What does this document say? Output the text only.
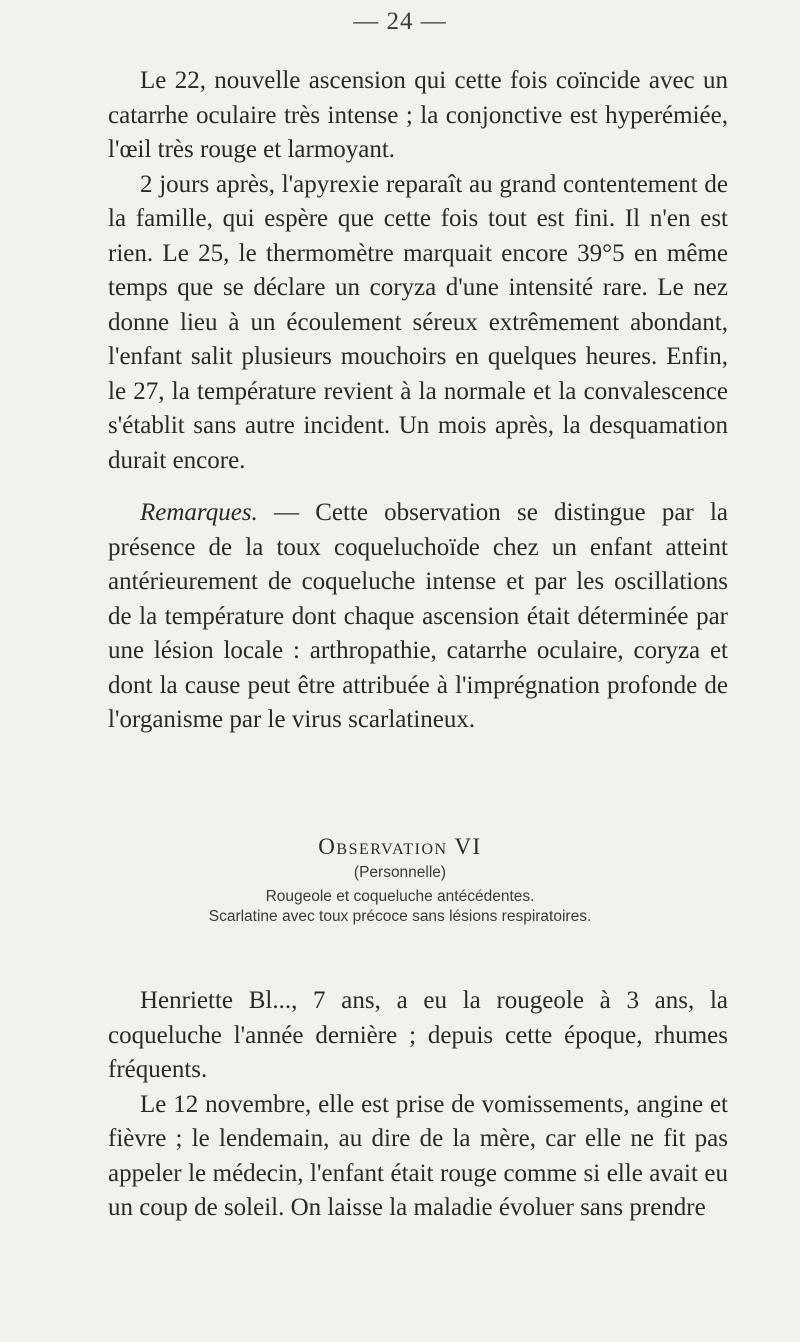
— 24 —

Le 22, nouvelle ascension qui cette fois coïncide avec un catarrhe oculaire très intense ; la conjonctive est hyperémiée, l'œil très rouge et larmoyant.

2 jours après, l'apyrexie reparaît au grand contentement de la famille, qui espère que cette fois tout est fini. Il n'en est rien. Le 25, le thermomètre marquait encore 39°5 en même temps que se déclare un coryza d'une intensité rare. Le nez donne lieu à un écoulement séreux extrêmement abondant, l'enfant salit plusieurs mouchoirs en quelques heures. Enfin, le 27, la température revient à la normale et la convalescence s'établit sans autre incident. Un mois après, la desquamation durait encore.

Remarques. — Cette observation se distingue par la présence de la toux coqueluchoïde chez un enfant atteint antérieurement de coqueluche intense et par les oscillations de la température dont chaque ascension était déterminée par une lésion locale : arthropathie, catarrhe oculaire, coryza et dont la cause peut être attribuée à l'imprégnation profonde de l'organisme par le virus scarlatineux.

Observation VI
(Personnelle)
Rougeole et coqueluche antécédentes.
Scarlatine avec toux précoce sans lésions respiratoires.

Henriette Bl..., 7 ans, a eu la rougeole à 3 ans, la coqueluche l'année dernière ; depuis cette époque, rhumes fréquents.

Le 12 novembre, elle est prise de vomissements, angine et fièvre ; le lendemain, au dire de la mère, car elle ne fit pas appeler le médecin, l'enfant était rouge comme si elle avait eu un coup de soleil. On laisse la maladie évoluer sans prendre
